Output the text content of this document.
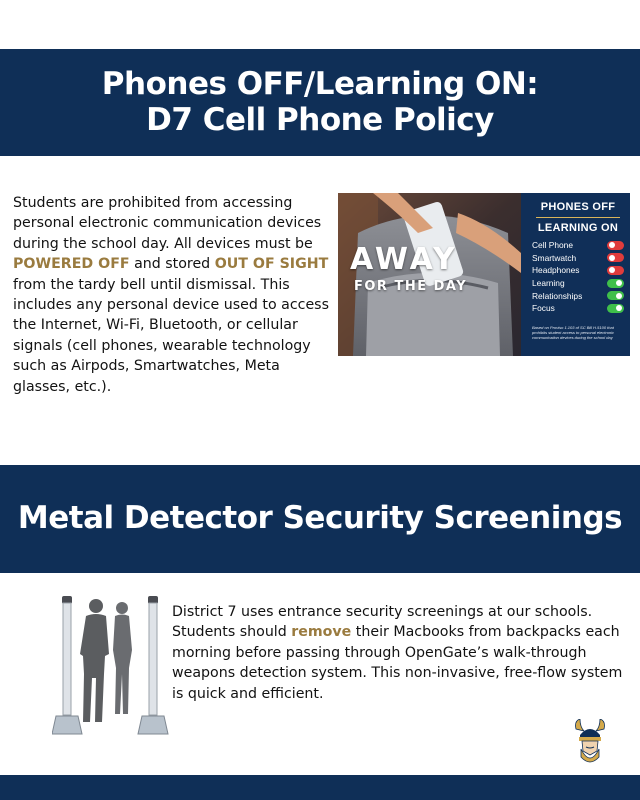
Phones OFF/Learning ON:
D7 Cell Phone Policy

Students are prohibited from accessing personal electronic communication devices during the school day. All devices must be POWERED OFF and stored OUT OF SIGHT from the tardy bell until dismissal. This includes any personal device used to access the Internet, Wi-Fi, Bluetooth, or cellular signals (cell phones, wearable technology such as Airpods, Smartwatches, Meta glasses, etc.).

AWAY
FOR THE DAY
PHONES OFF
LEARNING ON
Cell Phone
Smartwatch
Headphones
Learning
Relationships
Focus
Based on Proviso 1.103 of SC Bill H.5100 that prohibits student access to personal electronic communication devices during the school day
Metal Detector Security Screenings

District 7 uses entrance security screenings at our schools. Students should remove their Macbooks from backpacks each morning before passing through OpenGate’s walk-through weapons detection system. This non-invasive, free-flow system is quick and efficient.
